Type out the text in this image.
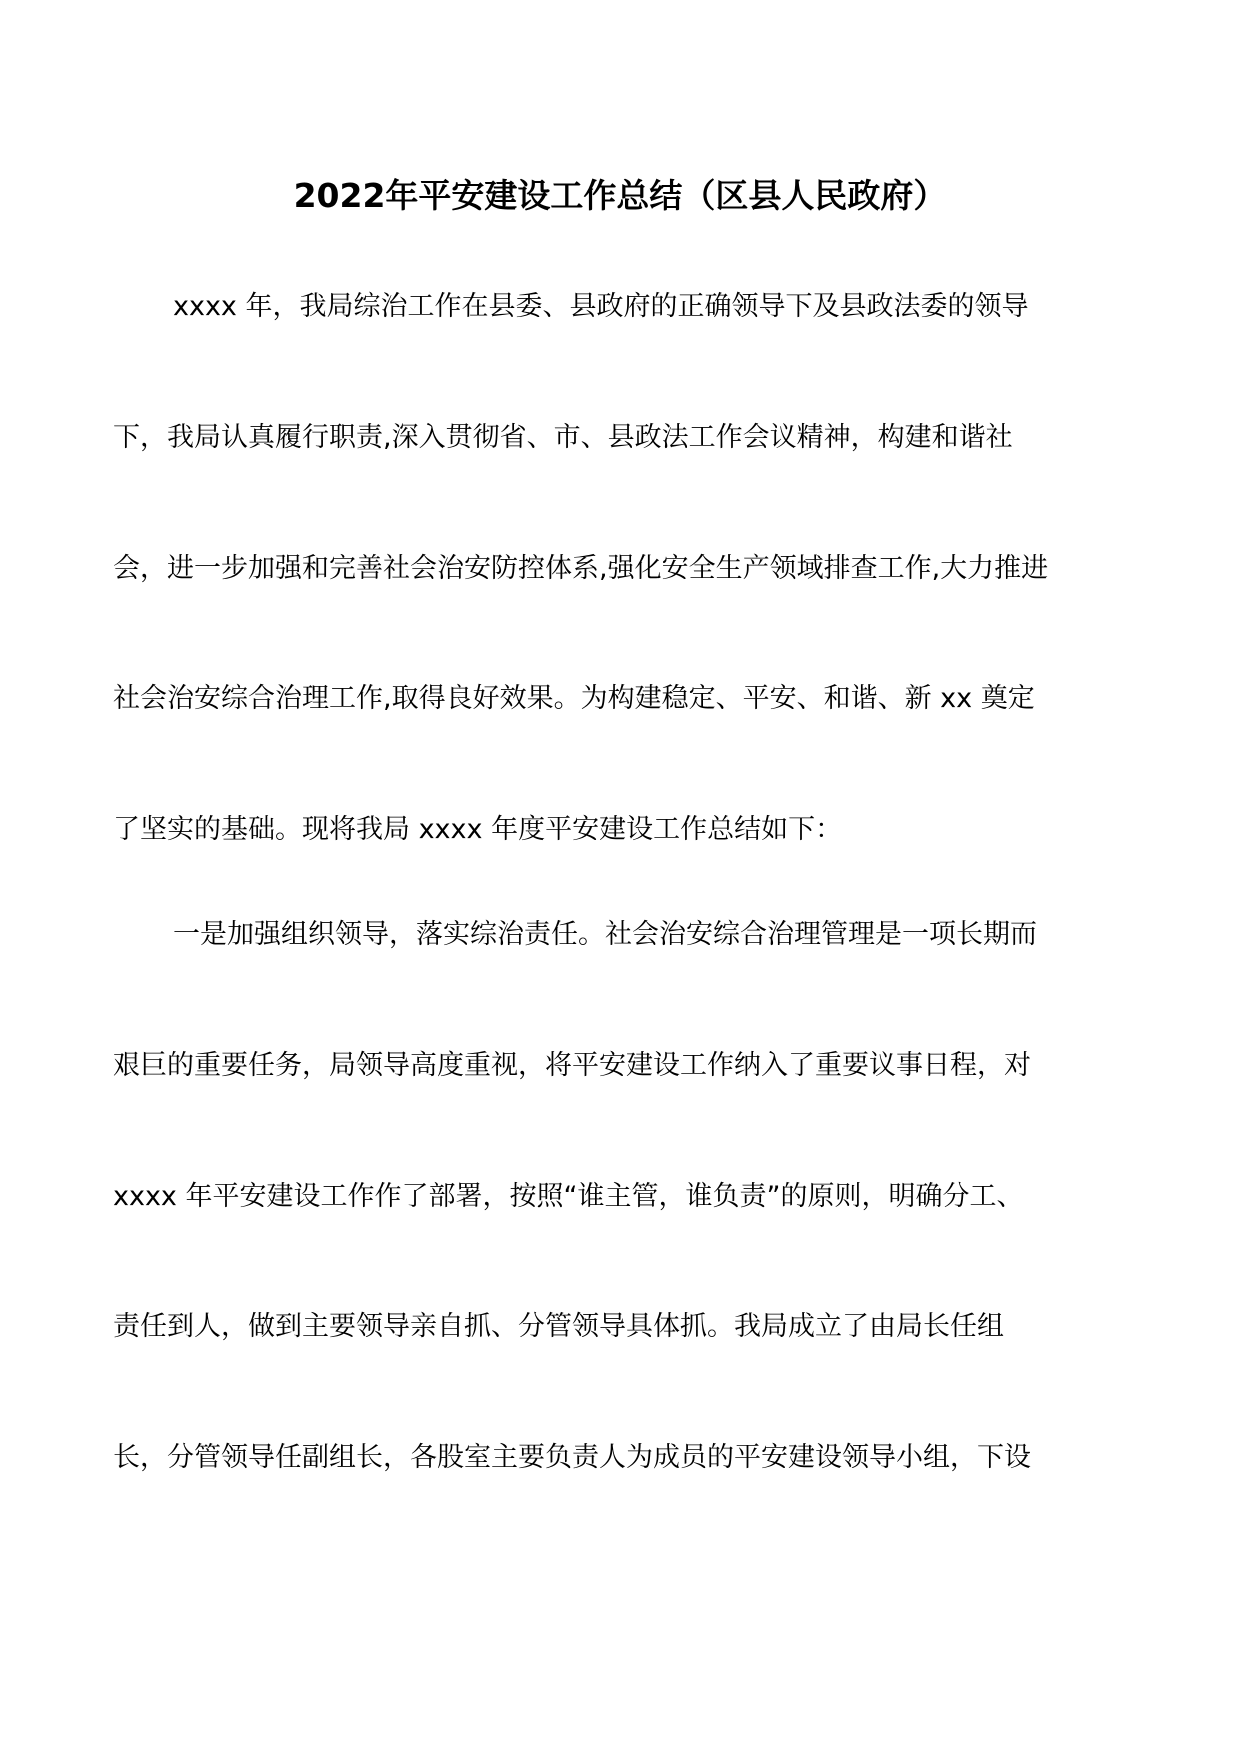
2022年平安建设工作总结（区县人民政府）

xxxx 年，我局综治工作在县委、县政府的正确领导下及县政法委的领导

下，我局认真履行职责,深入贯彻省、市、县政法工作会议精神，构建和谐社

会，进一步加强和完善社会治安防控体系,强化安全生产领域排查工作,大力推进

社会治安综合治理工作,取得良好效果。为构建稳定、平安、和谐、新 xx 奠定

了坚实的基础。现将我局 xxxx 年度平安建设工作总结如下：

一是加强组织领导，落实综治责任。社会治安综合治理管理是一项长期而

艰巨的重要任务，局领导高度重视，将平安建设工作纳入了重要议事日程，对

xxxx 年平安建设工作作了部署，按照“谁主管，谁负责”的原则，明确分工、

责任到人，做到主要领导亲自抓、分管领导具体抓。我局成立了由局长任组

长，分管领导任副组长，各股室主要负责人为成员的平安建设领导小组，下设
